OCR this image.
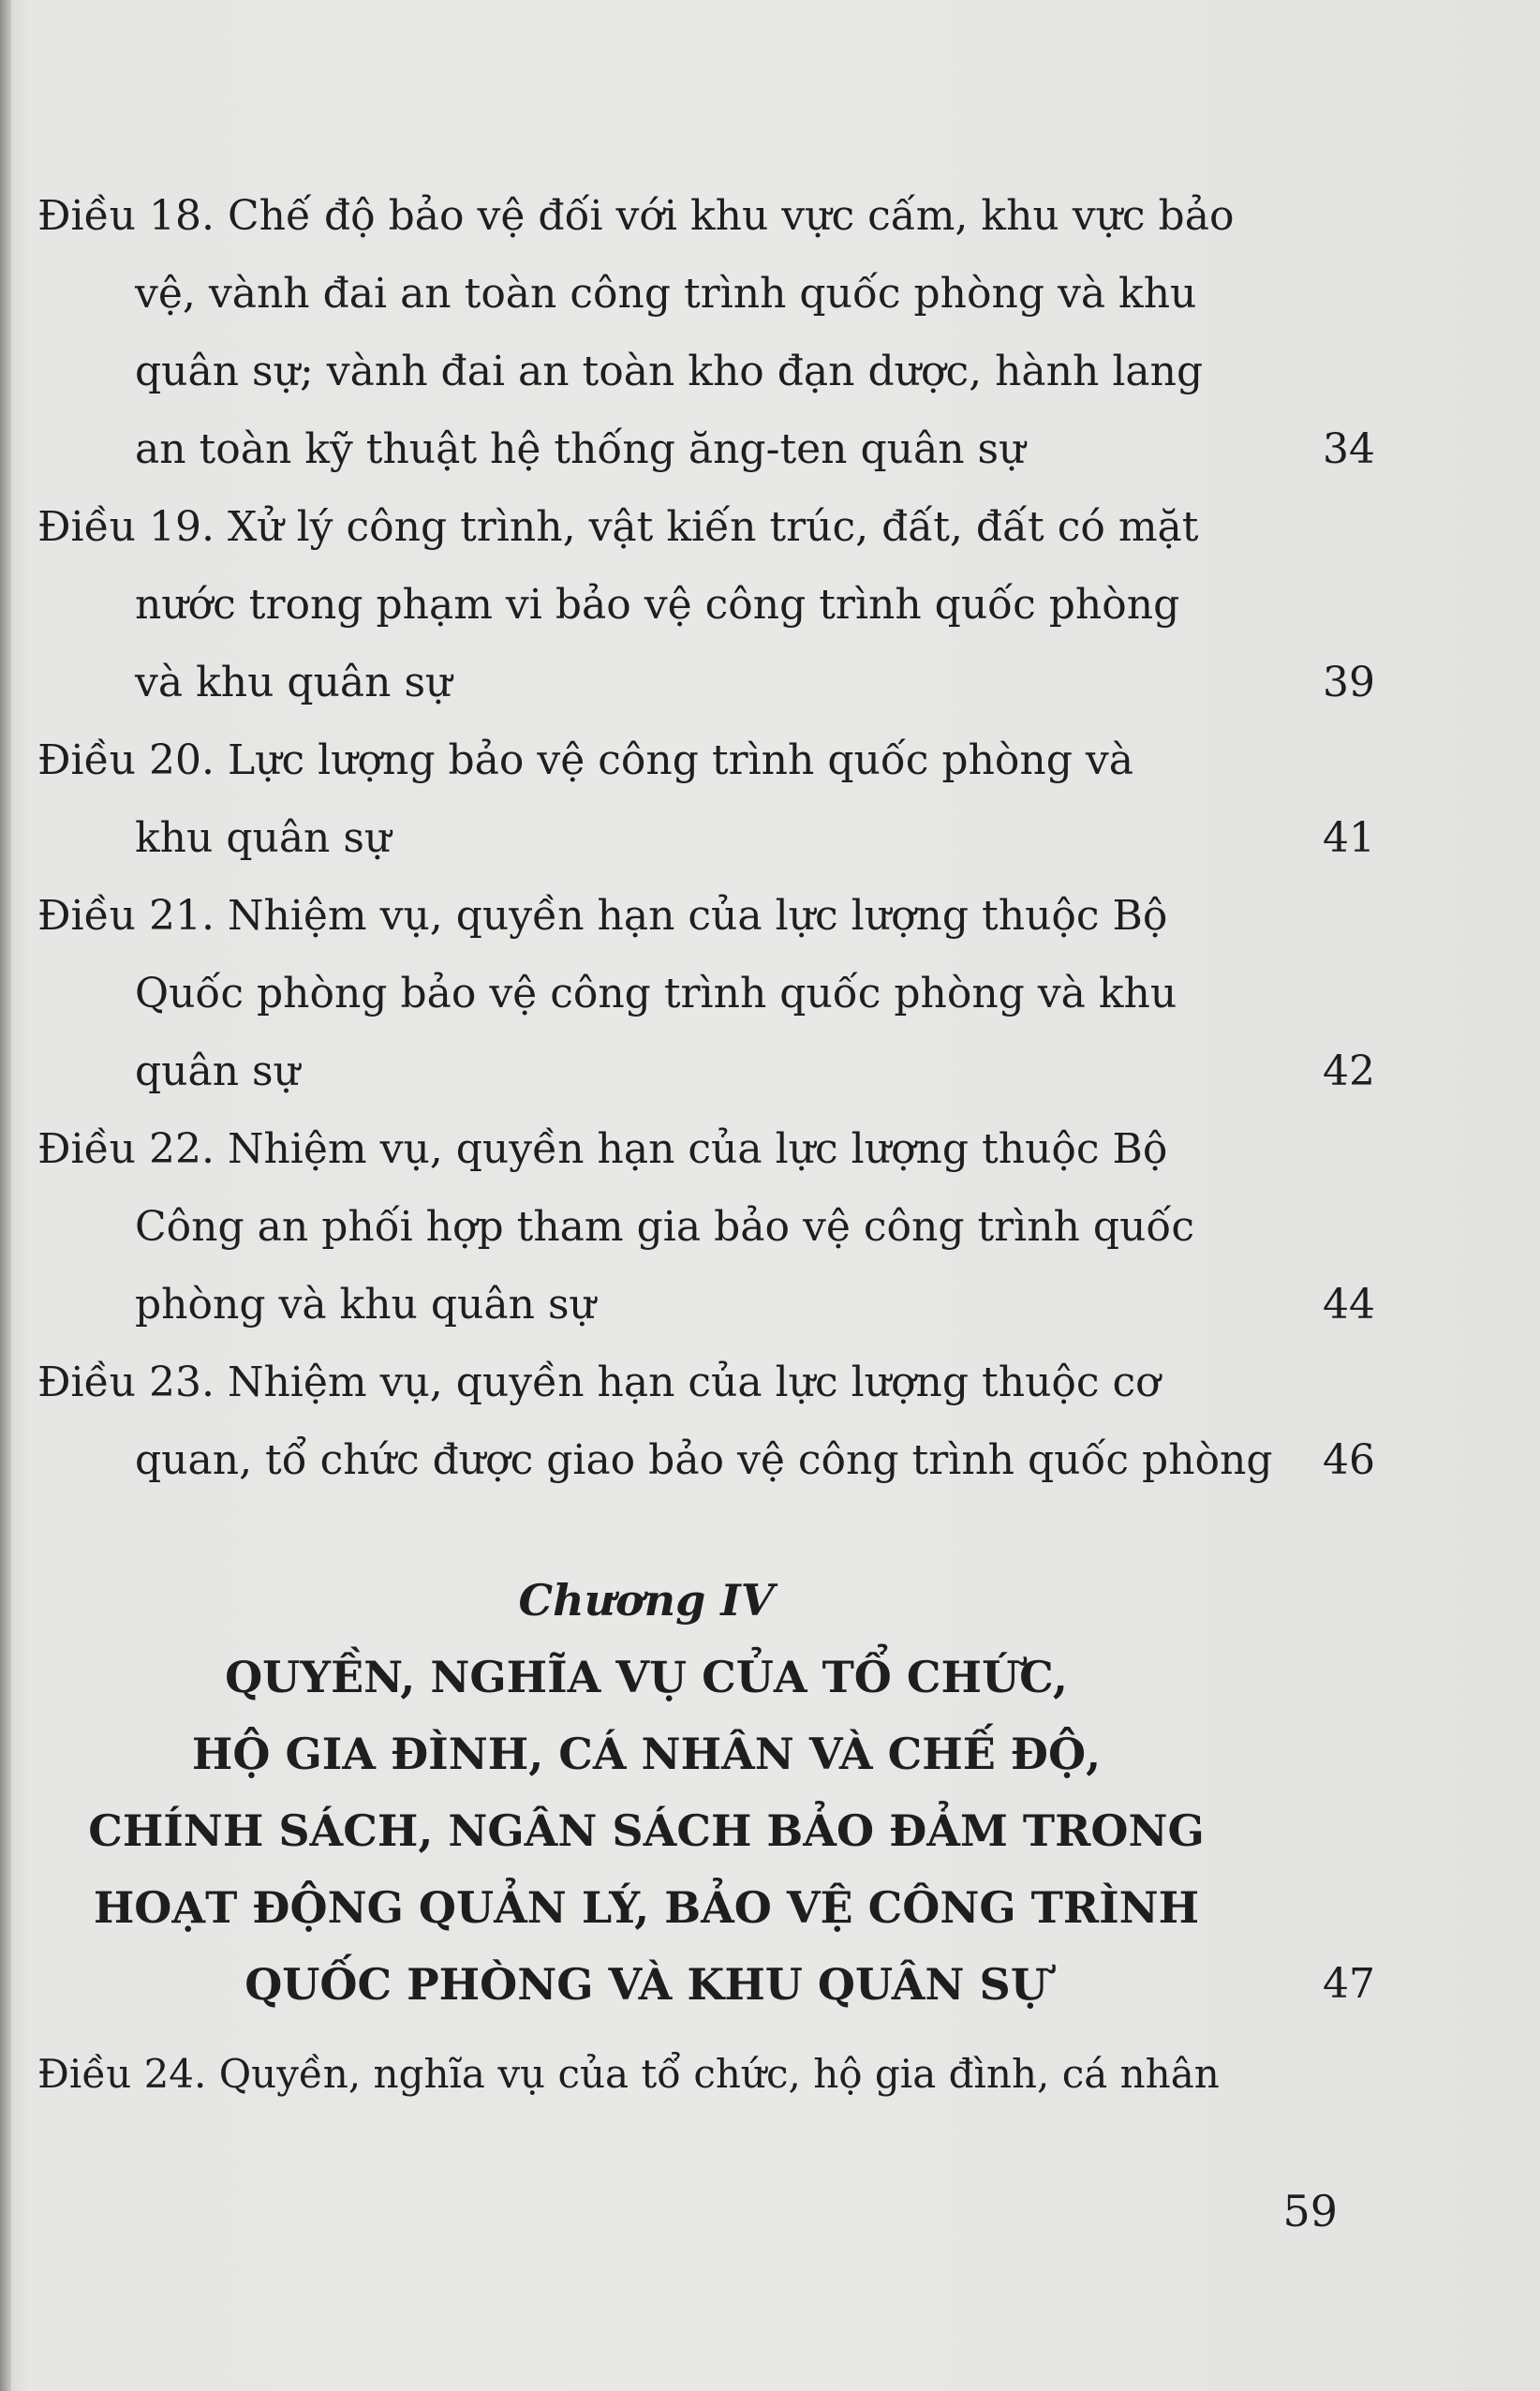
Điều 18. Chế độ bảo vệ đối với khu vực cấm, khu vực bảo
vệ, vành đai an toàn công trình quốc phòng và khu
quân sự; vành đai an toàn kho đạn dược, hành lang
an toàn kỹ thuật hệ thống ăng-ten quân sự	34
Điều 19. Xử lý công trình, vật kiến trúc, đất, đất có mặt
nước trong phạm vi bảo vệ công trình quốc phòng
và khu quân sự	39
Điều 20. Lực lượng bảo vệ công trình quốc phòng và
khu quân sự	41
Điều 21. Nhiệm vụ, quyền hạn của lực lượng thuộc Bộ
Quốc phòng bảo vệ công trình quốc phòng và khu
quân sự	42
Điều 22. Nhiệm vụ, quyền hạn của lực lượng thuộc Bộ
Công an phối hợp tham gia bảo vệ công trình quốc
phòng và khu quân sự	44
Điều 23. Nhiệm vụ, quyền hạn của lực lượng thuộc cơ
quan, tổ chức được giao bảo vệ công trình quốc phòng	46
Chương IV
QUYỀN, NGHĨA VỤ CỦA TỔ CHỨC,
HỘ GIA ĐÌNH, CÁ NHÂN VÀ CHẾ ĐỘ,
CHÍNH SÁCH, NGÂN SÁCH BẢO ĐẢM TRONG
HOẠT ĐỘNG QUẢN LÝ, BẢO VỆ CÔNG TRÌNH
QUỐC PHÒNG VÀ KHU QUÂN SỰ	47
Điều 24. Quyền, nghĩa vụ của tổ chức, hộ gia đình, cá nhân
59
